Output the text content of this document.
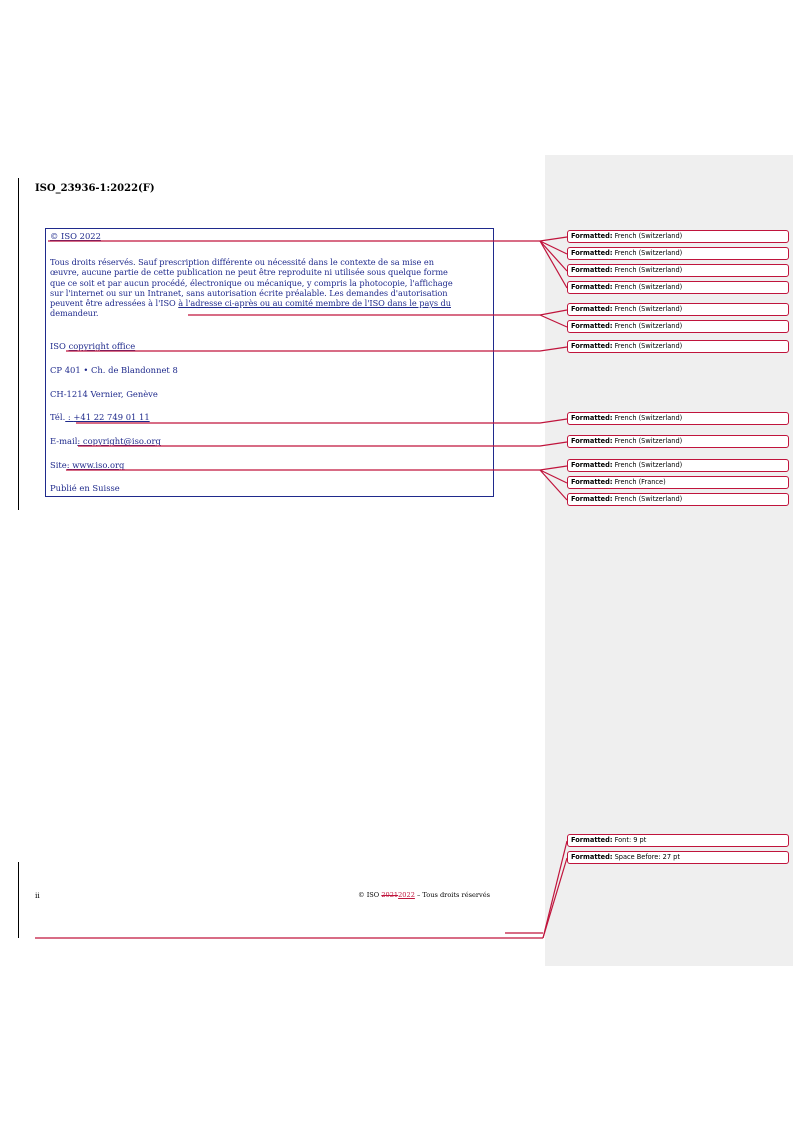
ISO_23936-1:2022(F)
© ISO 2022
Tous droits réservés. Sauf prescription différente ou nécessité dans le contexte de sa mise en
œuvre, aucune partie de cette publication ne peut être reproduite ni utilisée sous quelque forme
que ce soit et par aucun procédé, électronique ou mécanique, y compris la photocopie, l'affichage
sur l'internet ou sur un Intranet, sans autorisation écrite préalable. Les demandes d'autorisation
peuvent être adressées à l'ISO à l'adresse ci-après ou au comité membre de l'ISO dans le pays du
demandeur.
ISO copyright office
CP 401 • Ch. de Blandonnet 8
CH-1214 Vernier, Genève
Tél. : +41 22 749 01 11
E-mail: copyright@iso.org
Site: www.iso.org
Publié en Suisse
ii	© ISO 20212022 – Tous droits réservés
Formatted: French (Switzerland)
Formatted: French (Switzerland)
Formatted: French (Switzerland)
Formatted: French (Switzerland)
Formatted: French (Switzerland)
Formatted: French (Switzerland)
Formatted: French (Switzerland)
Formatted: French (Switzerland)
Formatted: French (Switzerland)
Formatted: French (Switzerland)
Formatted: French (France)
Formatted: French (Switzerland)
Formatted: Font: 9 pt
Formatted: Space Before: 27 pt
